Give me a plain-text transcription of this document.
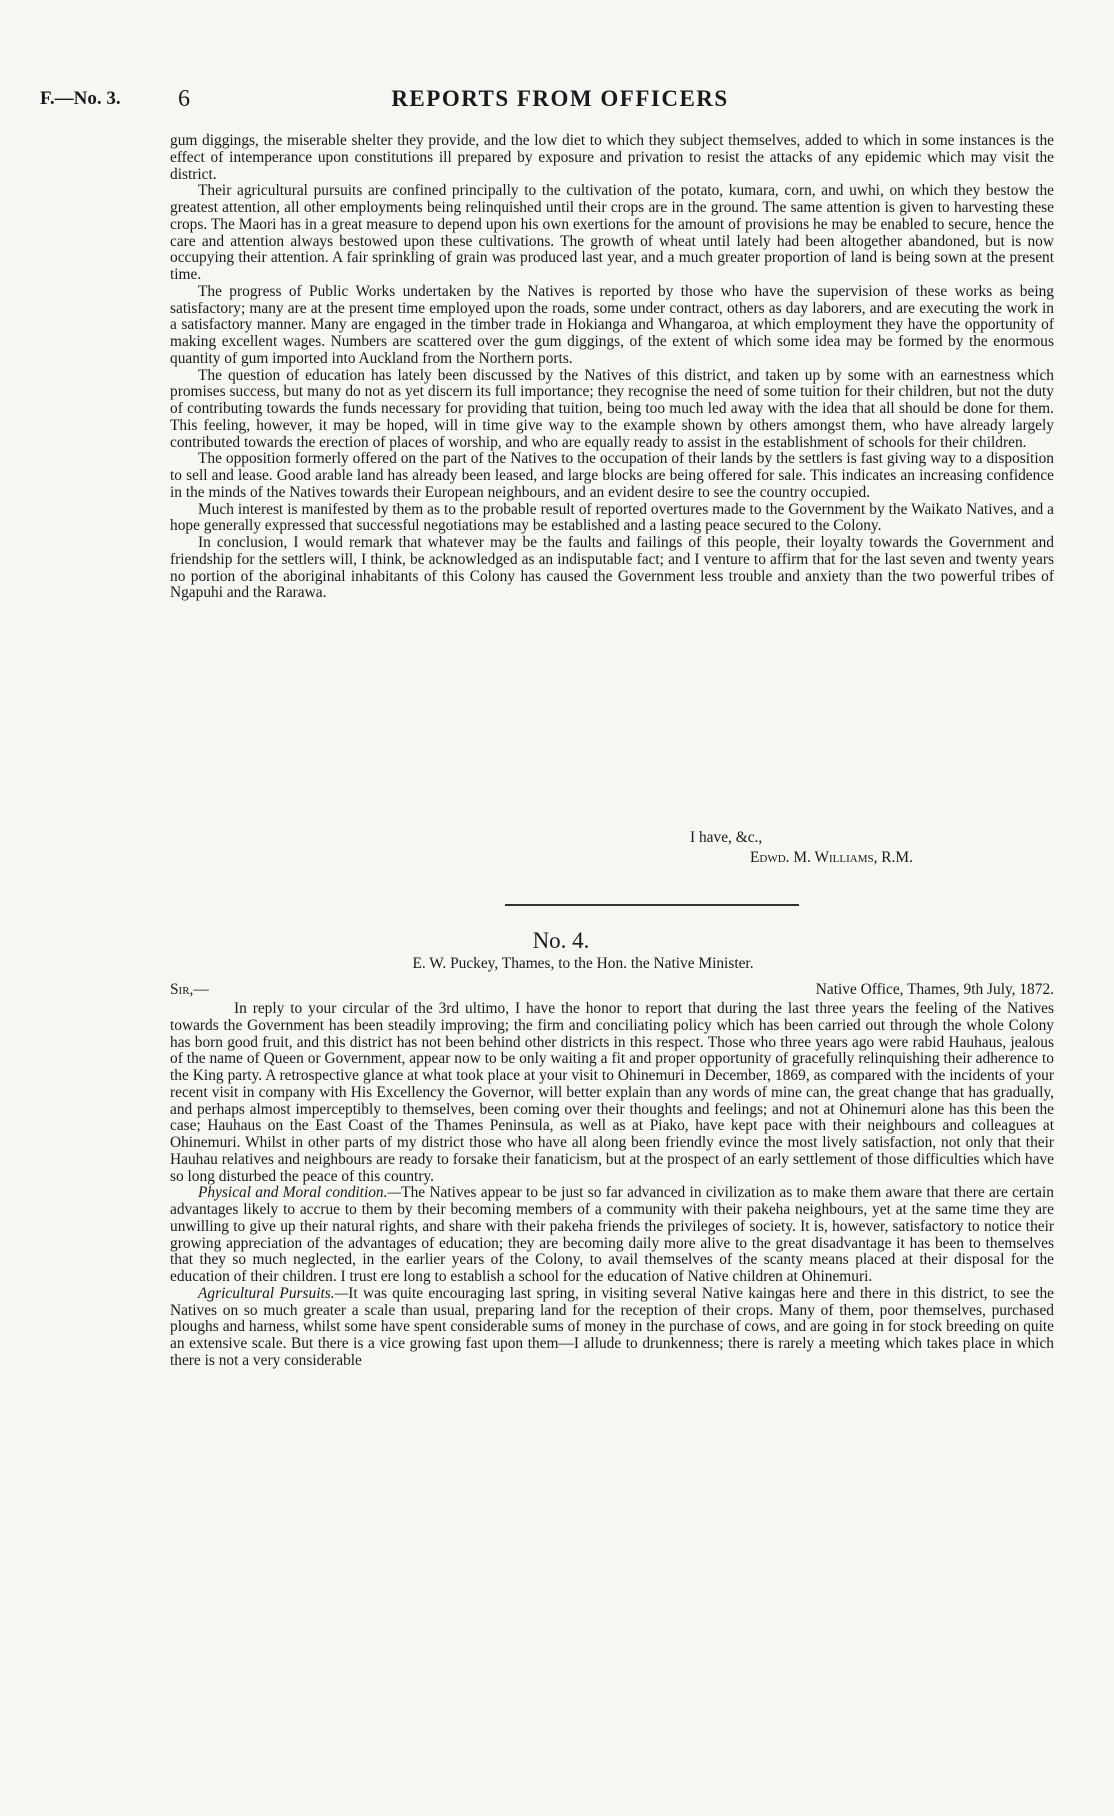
F.—No. 3. 6	REPORTS FROM OFFICERS

gum diggings, the miserable shelter they provide, and the low diet to which they subject themselves, added to which in some instances is the effect of intemperance upon constitutions ill prepared by exposure and privation to resist the attacks of any epidemic which may visit the district.

Their agricultural pursuits are confined principally to the cultivation of the potato, kumara, corn, and uwhi, on which they bestow the greatest attention, all other employments being relinquished until their crops are in the ground. The same attention is given to harvesting these crops. The Maori has in a great measure to depend upon his own exertions for the amount of provisions he may be enabled to secure, hence the care and attention always bestowed upon these cultivations. The growth of wheat until lately had been altogether abandoned, but is now occupying their attention. A fair sprinkling of grain was produced last year, and a much greater proportion of land is being sown at the present time.

The progress of Public Works undertaken by the Natives is reported by those who have the supervision of these works as being satisfactory; many are at the present time employed upon the roads, some under contract, others as day laborers, and are executing the work in a satisfactory manner. Many are engaged in the timber trade in Hokianga and Whangaroa, at which employment they have the opportunity of making excellent wages. Numbers are scattered over the gum diggings, of the extent of which some idea may be formed by the enormous quantity of gum imported into Auckland from the Northern ports.

The question of education has lately been discussed by the Natives of this district, and taken up by some with an earnestness which promises success, but many do not as yet discern its full importance; they recognise the need of some tuition for their children, but not the duty of contributing towards the funds necessary for providing that tuition, being too much led away with the idea that all should be done for them. This feeling, however, it may be hoped, will in time give way to the example shown by others amongst them, who have already largely contributed towards the erection of places of worship, and who are equally ready to assist in the establishment of schools for their children.

The opposition formerly offered on the part of the Natives to the occupation of their lands by the settlers is fast giving way to a disposition to sell and lease. Good arable land has already been leased, and large blocks are being offered for sale. This indicates an increasing confidence in the minds of the Natives towards their European neighbours, and an evident desire to see the country occupied.

Much interest is manifested by them as to the probable result of reported overtures made to the Government by the Waikato Natives, and a hope generally expressed that successful negotiations may be established and a lasting peace secured to the Colony.

In conclusion, I would remark that whatever may be the faults and failings of this people, their loyalty towards the Government and friendship for the settlers will, I think, be acknowledged as an indisputable fact; and I venture to affirm that for the last seven and twenty years no portion of the aboriginal inhabitants of this Colony has caused the Government less trouble and anxiety than the two powerful tribes of Ngapuhi and the Rarawa.

I have, &c.,
Edwd. M. Williams, R.M.
No. 4.
E. W. Puckey, Thames, to the Hon. the Native Minister.
Sir,—	Native Office, Thames, 9th July, 1872.

In reply to your circular of the 3rd ultimo, I have the honor to report that during the last three years the feeling of the Natives towards the Government has been steadily improving; the firm and conciliating policy which has been carried out through the whole Colony has born good fruit, and this district has not been behind other districts in this respect. Those who three years ago were rabid Hauhaus, jealous of the name of Queen or Government, appear now to be only waiting a fit and proper opportunity of gracefully relinquishing their adherence to the King party. A retrospective glance at what took place at your visit to Ohinemuri in December, 1869, as compared with the incidents of your recent visit in company with His Excellency the Governor, will better explain than any words of mine can, the great change that has gradually, and perhaps almost imperceptibly to themselves, been coming over their thoughts and feelings; and not at Ohinemuri alone has this been the case; Hauhaus on the East Coast of the Thames Peninsula, as well as at Piako, have kept pace with their neighbours and colleagues at Ohinemuri. Whilst in other parts of my district those who have all along been friendly evince the most lively satisfaction, not only that their Hauhau relatives and neighbours are ready to forsake their fanaticism, but at the prospect of an early settlement of those difficulties which have so long disturbed the peace of this country.

Physical and Moral condition.—The Natives appear to be just so far advanced in civilization as to make them aware that there are certain advantages likely to accrue to them by their becoming members of a community with their pakeha neighbours, yet at the same time they are unwilling to give up their natural rights, and share with their pakeha friends the privileges of society. It is, however, satisfactory to notice their growing appreciation of the advantages of education; they are becoming daily more alive to the great disadvantage it has been to themselves that they so much neglected, in the earlier years of the Colony, to avail themselves of the scanty means placed at their disposal for the education of their children. I trust ere long to establish a school for the education of Native children at Ohinemuri.

Agricultural Pursuits.—It was quite encouraging last spring, in visiting several Native kaingas here and there in this district, to see the Natives on so much greater a scale than usual, preparing land for the reception of their crops. Many of them, poor themselves, purchased ploughs and harness, whilst some have spent considerable sums of money in the purchase of cows, and are going in for stock breeding on quite an extensive scale. But there is a vice growing fast upon them—I allude to drunkenness; there is rarely a meeting which takes place in which there is not a very considerable
